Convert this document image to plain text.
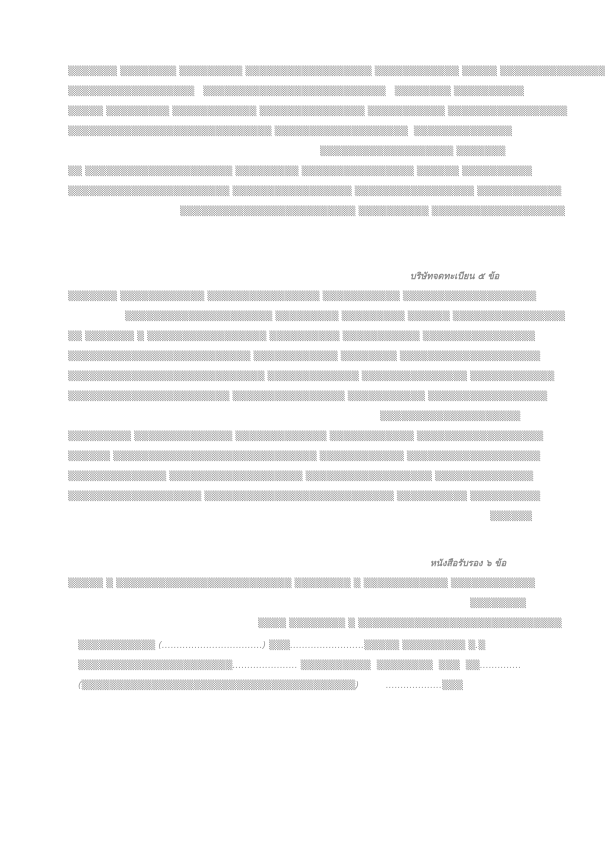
▒▒▒▒▒▒▒ ▒▒▒▒▒▒▒▒ ▒▒▒▒▒▒▒▒▒ ▒▒▒▒▒▒▒▒▒▒▒▒▒▒▒▒▒▒ ▒▒▒▒▒▒▒▒▒▒▒▒ ▒▒▒▒▒ ▒▒▒▒▒▒▒▒▒▒▒▒▒▒▒
▒▒▒▒▒▒▒▒▒▒▒▒▒▒▒▒▒▒   ▒▒▒▒▒▒▒▒▒▒▒▒▒▒▒▒▒▒▒▒▒▒▒▒▒▒   ▒▒▒▒▒▒▒▒ ▒▒▒▒▒▒▒▒▒▒
▒▒▒▒▒ ▒▒▒▒▒▒▒▒▒ ▒▒▒▒▒▒▒▒▒▒▒▒ ▒▒▒▒▒▒▒▒▒▒▒▒▒▒▒ ▒▒▒▒▒▒▒▒▒▒▒ ▒▒▒▒▒▒▒▒▒▒▒▒▒▒▒▒▒
▒▒▒▒▒▒▒▒▒▒▒▒▒▒▒▒▒▒▒▒▒▒▒▒▒▒▒▒▒ ▒▒▒▒▒▒▒▒▒▒▒▒▒▒▒▒▒▒▒  ▒▒▒▒▒▒▒▒▒▒▒▒▒▒
▒▒▒▒▒▒▒▒▒▒▒▒▒▒▒▒▒▒▒ ▒▒▒▒▒▒▒
▒▒ ▒▒▒▒▒▒▒▒▒▒▒▒▒▒▒▒▒▒▒▒▒ ▒▒▒▒▒▒▒▒▒ ▒▒▒▒▒▒▒▒▒▒▒▒▒▒▒▒ ▒▒▒▒▒▒ ▒▒▒▒▒▒▒▒▒▒
▒▒▒▒▒▒▒▒▒▒▒▒▒▒▒▒▒▒▒▒▒▒▒ ▒▒▒▒▒▒▒▒▒▒▒▒▒▒▒▒▒ ▒▒▒▒▒▒▒▒▒▒▒▒▒▒▒▒▒ ▒▒▒▒▒▒▒▒▒▒▒▒
▒▒▒▒▒▒▒▒▒▒▒▒▒▒▒▒▒▒▒▒▒▒▒▒▒ ▒▒▒▒▒▒▒▒▒▒ ▒▒▒▒▒▒▒▒▒▒▒▒▒▒▒▒▒▒▒
บริษัทจดทะเบียน ๕ ข้อ
▒▒▒▒▒▒▒ ▒▒▒▒▒▒▒▒▒▒▒▒ ▒▒▒▒▒▒▒▒▒▒▒▒▒▒▒▒ ▒▒▒▒▒▒▒▒▒▒▒ ▒▒▒▒▒▒▒▒▒▒▒▒▒▒▒▒▒▒▒
▒▒▒▒▒▒▒▒▒▒▒▒▒▒▒▒▒▒▒▒▒ ▒▒▒▒▒▒▒▒▒ ▒▒▒▒▒▒▒▒▒ ▒▒▒▒▒▒ ▒▒▒▒▒▒▒▒▒▒▒▒▒▒▒▒
▒▒ ▒▒▒▒▒▒▒ ▒ ▒▒▒▒▒▒▒▒▒▒▒▒▒▒▒▒▒ ▒▒▒▒▒▒▒▒▒▒ ▒▒▒▒▒▒▒▒▒▒▒ ▒▒▒▒▒▒▒▒▒▒▒▒▒▒▒▒
▒▒▒▒▒▒▒▒▒▒▒▒▒▒▒▒▒▒▒▒▒▒▒▒▒▒ ▒▒▒▒▒▒▒▒▒▒▒▒ ▒▒▒▒▒▒▒▒ ▒▒▒▒▒▒▒▒▒▒▒▒▒▒▒▒▒▒▒▒
▒▒▒▒▒▒▒▒▒▒▒▒▒▒▒▒▒▒▒▒▒▒▒▒▒▒▒▒ ▒▒▒▒▒▒▒▒▒▒▒▒▒ ▒▒▒▒▒▒▒▒▒▒▒▒▒▒▒ ▒▒▒▒▒▒▒▒▒▒▒▒
▒▒▒▒▒▒▒▒▒▒▒▒▒▒▒▒▒▒▒▒▒▒▒ ▒▒▒▒▒▒▒▒▒▒▒▒▒▒▒▒ ▒▒▒▒▒▒▒▒▒▒▒ ▒▒▒▒▒▒▒▒▒▒▒▒▒▒▒▒▒
▒▒▒▒▒▒▒▒▒▒▒▒▒▒▒▒▒▒▒▒
▒▒▒▒▒▒▒▒▒ ▒▒▒▒▒▒▒▒▒▒▒▒▒▒ ▒▒▒▒▒▒▒▒▒▒▒▒▒ ▒▒▒▒▒▒▒▒▒▒▒▒ ▒▒▒▒▒▒▒▒▒▒▒▒▒▒▒▒▒▒
▒▒▒▒▒▒ ▒▒▒▒▒▒▒▒▒▒▒▒▒▒▒▒▒▒▒▒▒▒▒▒▒▒▒▒▒ ▒▒▒▒▒▒▒▒▒▒▒▒ ▒▒▒▒▒▒▒▒▒▒▒▒▒▒▒▒▒▒▒
▒▒▒▒▒▒▒▒▒▒▒▒▒▒ ▒▒▒▒▒▒▒▒▒▒▒▒▒▒▒▒▒▒▒ ▒▒▒▒▒▒▒▒▒▒▒▒▒▒▒▒▒▒ ▒▒▒▒▒▒▒▒▒▒▒▒▒▒
▒▒▒▒▒▒▒▒▒▒▒▒▒▒▒▒▒▒▒ ▒▒▒▒▒▒▒▒▒▒▒▒▒▒▒▒▒▒▒▒▒▒▒▒▒▒▒ ▒▒▒▒▒▒▒▒▒▒ ▒▒▒▒▒▒▒▒▒▒
▒▒▒▒▒▒
หนังสือรับรอง ๖ ข้อ
▒▒▒▒▒ ▒ ▒▒▒▒▒▒▒▒▒▒▒▒▒▒▒▒▒▒▒▒▒▒▒▒▒ ▒▒▒▒▒▒▒▒ ▒ ▒▒▒▒▒▒▒▒▒▒▒▒ ▒▒▒▒▒▒▒▒▒▒▒▒
▒▒▒▒▒▒▒▒
▒▒▒▒ ▒▒▒▒▒▒▒▒ ▒ ▒▒▒▒▒▒▒▒▒▒▒▒▒▒▒▒▒▒▒▒▒▒▒▒▒▒▒▒▒
▒▒▒▒▒▒▒▒▒▒▒ (..................................) ▒▒▒.........................▒▒▒▒▒ ▒▒▒▒▒▒▒▒▒ ▒.▒
▒▒▒▒▒▒▒▒▒▒▒▒▒▒▒▒▒▒▒▒▒▒...................... ▒▒▒▒▒▒▒▒▒▒  ▒▒▒▒▒▒▒▒  ▒▒▒  ▒▒..............
(▒▒▒▒▒▒▒▒▒▒▒▒▒▒▒▒▒▒▒▒▒▒▒▒▒▒▒▒▒▒▒▒▒▒▒▒▒▒▒)         ...................▒▒▒
